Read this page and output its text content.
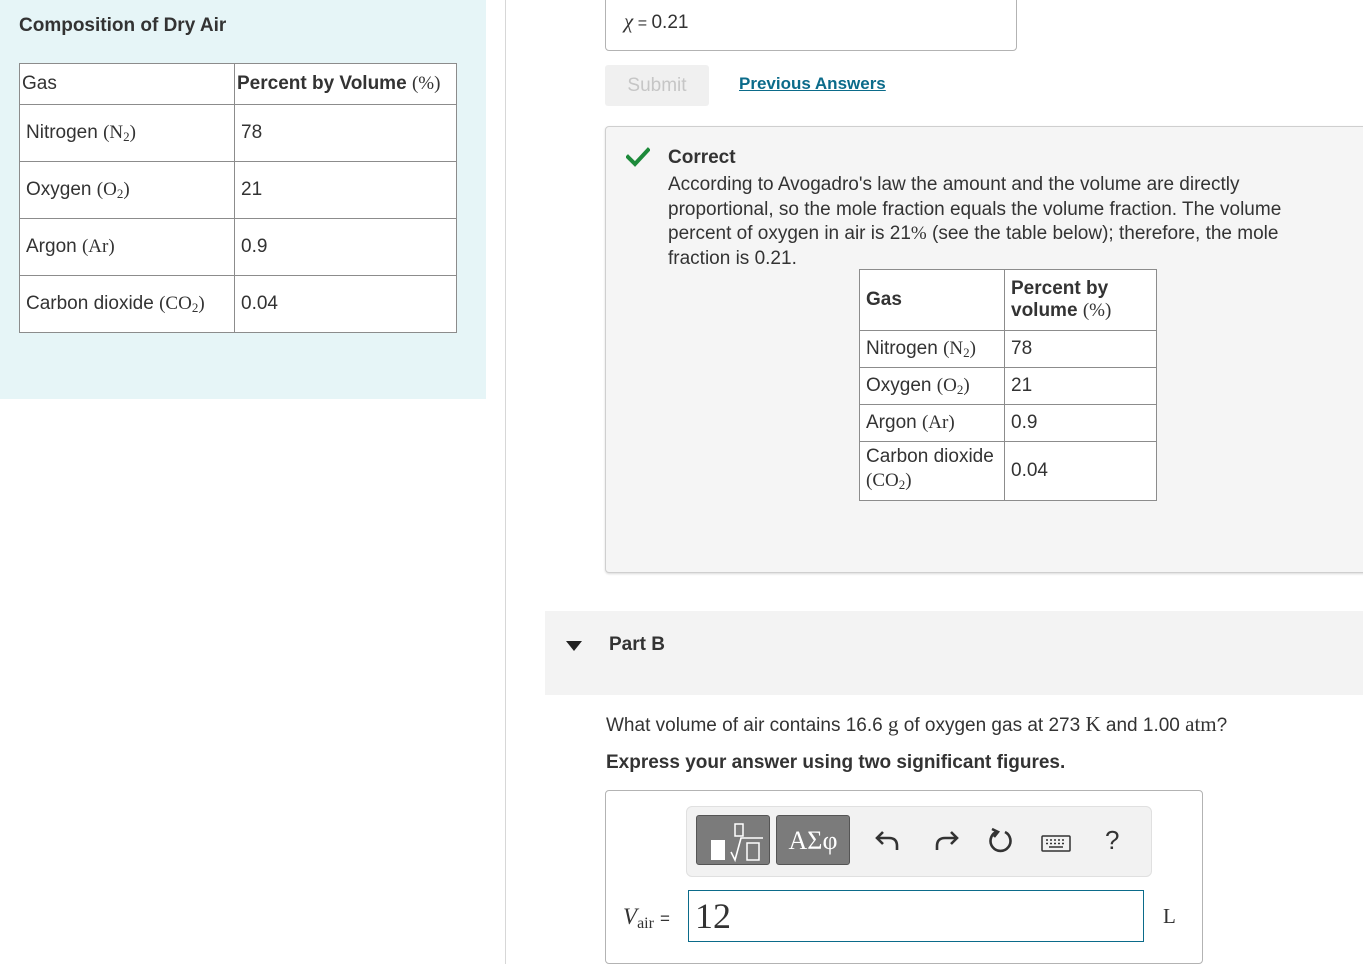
Composition of Dry Air
Gas	Percent by Volume (%)
Nitrogen $(N_2)$	78
Oxygen $(O_2)$	21
Argon (Ar)	0.9
Carbon dioxide $(CO_2)$	0.04
χ = 0.21
Submit	Previous Answers
Correct
According to Avogadro's law the amount and the volume are directly proportional, so the mole fraction equals the volume fraction. The volume percent of oxygen in air is 21% (see the table below); therefore, the mole fraction is 0.21.
Gas	Percent by volume (%)
Nitrogen $(N_2)$	78
Oxygen $(O_2)$	21
Argon (Ar)	0.9
Carbon dioxide
$(CO_2)$	0.04
Part B
What volume of air contains 16.6 g of oxygen gas at 273 K and 1.00 atm?
Express your answer using two significant figures.
ΑΣφ	?
$V_{air}$ =
12	L
